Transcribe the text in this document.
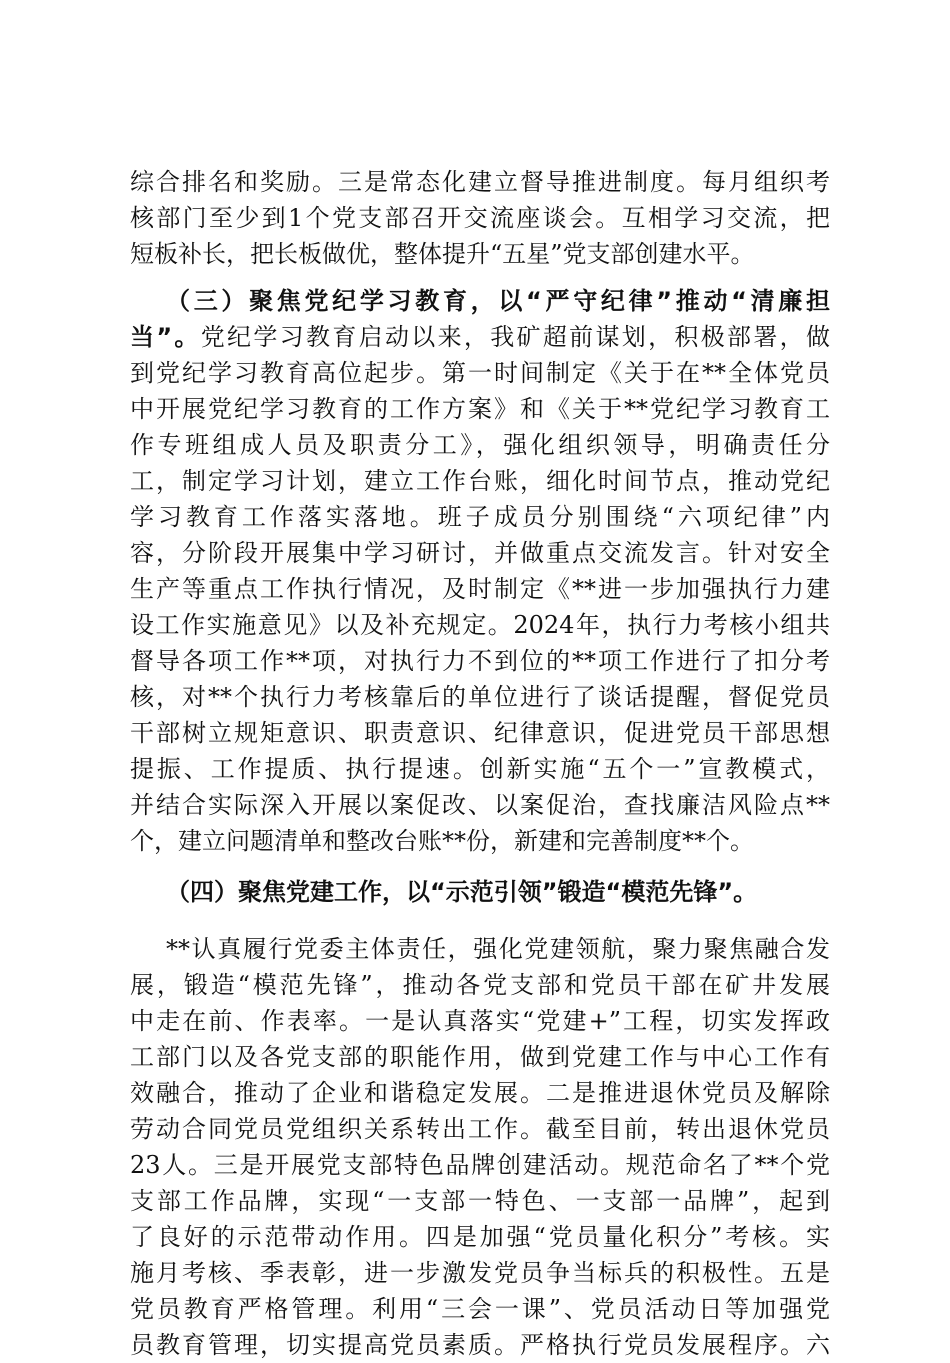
综合排名和奖励。三是常态化建立督导推进制度。每月组织考

核部门至少到1个党支部召开交流座谈会。互相学习交流，把

短板补长，把长板做优，整体提升“五星”党支部创建水平。

（三）聚焦党纪学习教育，以“严守纪律”推动“清廉担

当”。党纪学习教育启动以来，我矿超前谋划，积极部署，做

到党纪学习教育高位起步。第一时间制定《关于在**全体党员

中开展党纪学习教育的工作方案》和《关于**党纪学习教育工

作专班组成人员及职责分工》，强化组织领导，明确责任分

工，制定学习计划，建立工作台账，细化时间节点，推动党纪

学习教育工作落实落地。班子成员分别围绕“六项纪律”内

容，分阶段开展集中学习研讨，并做重点交流发言。针对安全

生产等重点工作执行情况，及时制定《**进一步加强执行力建

设工作实施意见》以及补充规定。2024年，执行力考核小组共

督导各项工作**项，对执行力不到位的**项工作进行了扣分考

核，对**个执行力考核靠后的单位进行了谈话提醒，督促党员

干部树立规矩意识、职责意识、纪律意识，促进党员干部思想

提振、工作提质、执行提速。创新实施“五个一”宣教模式，

并结合实际深入开展以案促改、以案促治，查找廉洁风险点**

个，建立问题清单和整改台账**份，新建和完善制度**个。

（四）聚焦党建工作，以“示范引领”锻造“模范先锋”。

**认真履行党委主体责任，强化党建领航，聚力聚焦融合发

展，锻造“模范先锋”，推动各党支部和党员干部在矿井发展

中走在前、作表率。一是认真落实“党建+”工程，切实发挥政

工部门以及各党支部的职能作用，做到党建工作与中心工作有

效融合，推动了企业和谐稳定发展。二是推进退休党员及解除

劳动合同党员党组织关系转出工作。截至目前，转出退休党员

23人。三是开展党支部特色品牌创建活动。规范命名了**个党

支部工作品牌，实现“一支部一特色、一支部一品牌”，起到

了良好的示范带动作用。四是加强“党员量化积分”考核。实

施月考核、季表彰，进一步激发党员争当标兵的积极性。五是

党员教育严格管理。利用“三会一课”、党员活动日等加强党

员教育管理，切实提高党员素质。严格执行党员发展程序。六
